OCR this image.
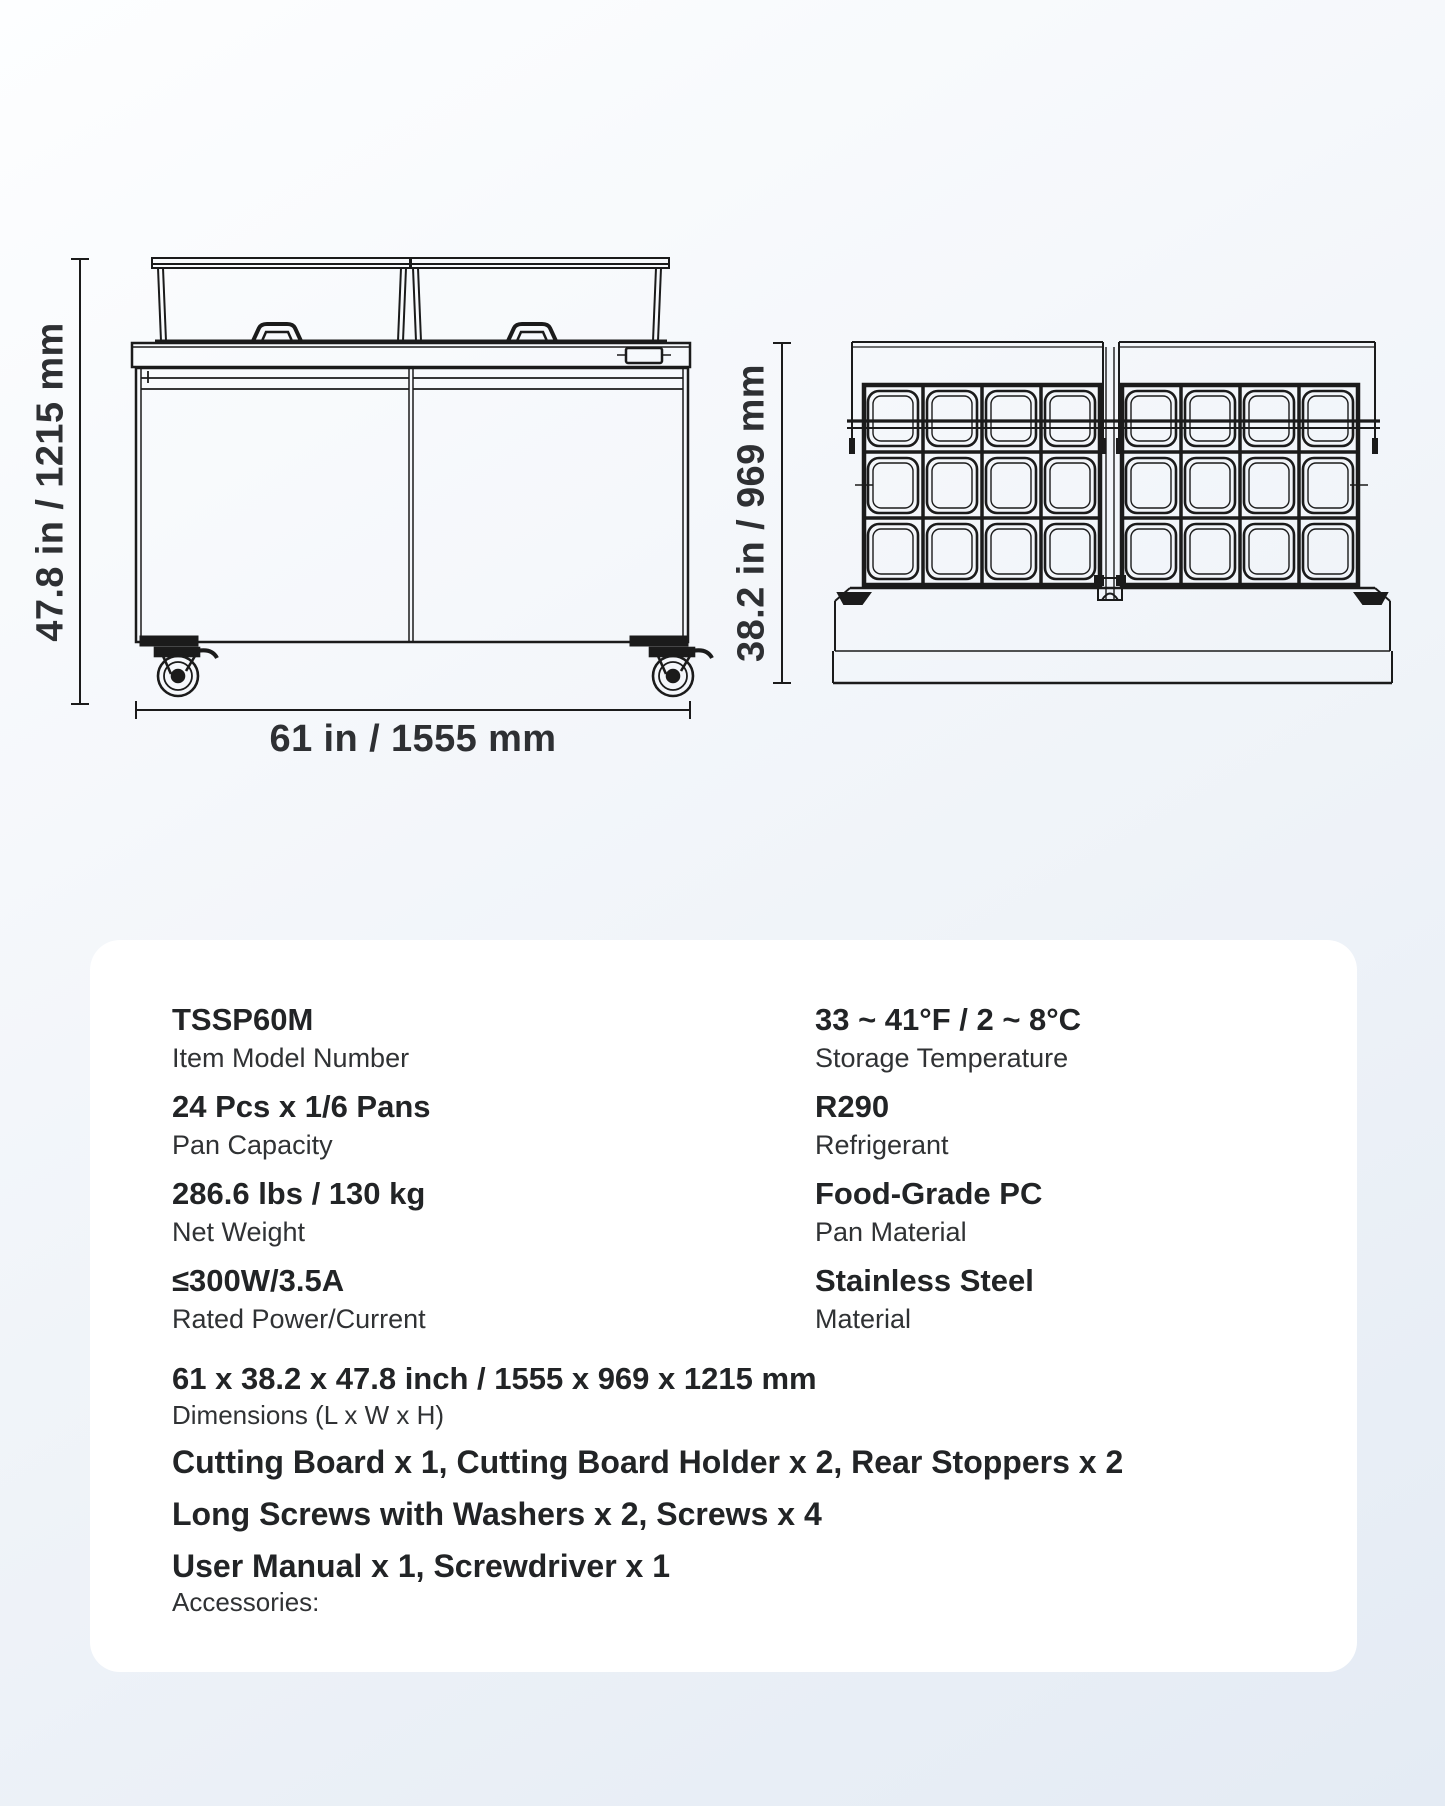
47.8 in / 1215 mm
61 in / 1555 mm
38.2 in / 969 mm
TSSP60M
Item Model Number
24 Pcs x 1/6 Pans
Pan Capacity
286.6 lbs / 130 kg
Net Weight
≤300W/3.5A
Rated Power/Current
33 ~ 41°F / 2 ~ 8°C
Storage Temperature
R290
Refrigerant
Food-Grade PC
Pan Material
Stainless Steel
Material
61 x 38.2 x 47.8 inch / 1555 x 969 x 1215 mm
Dimensions (L x W x H)
Cutting Board x 1, Cutting Board Holder x 2, Rear Stoppers x 2
Long Screws with Washers x 2, Screws x 4
User Manual x 1, Screwdriver x 1
Accessories:
